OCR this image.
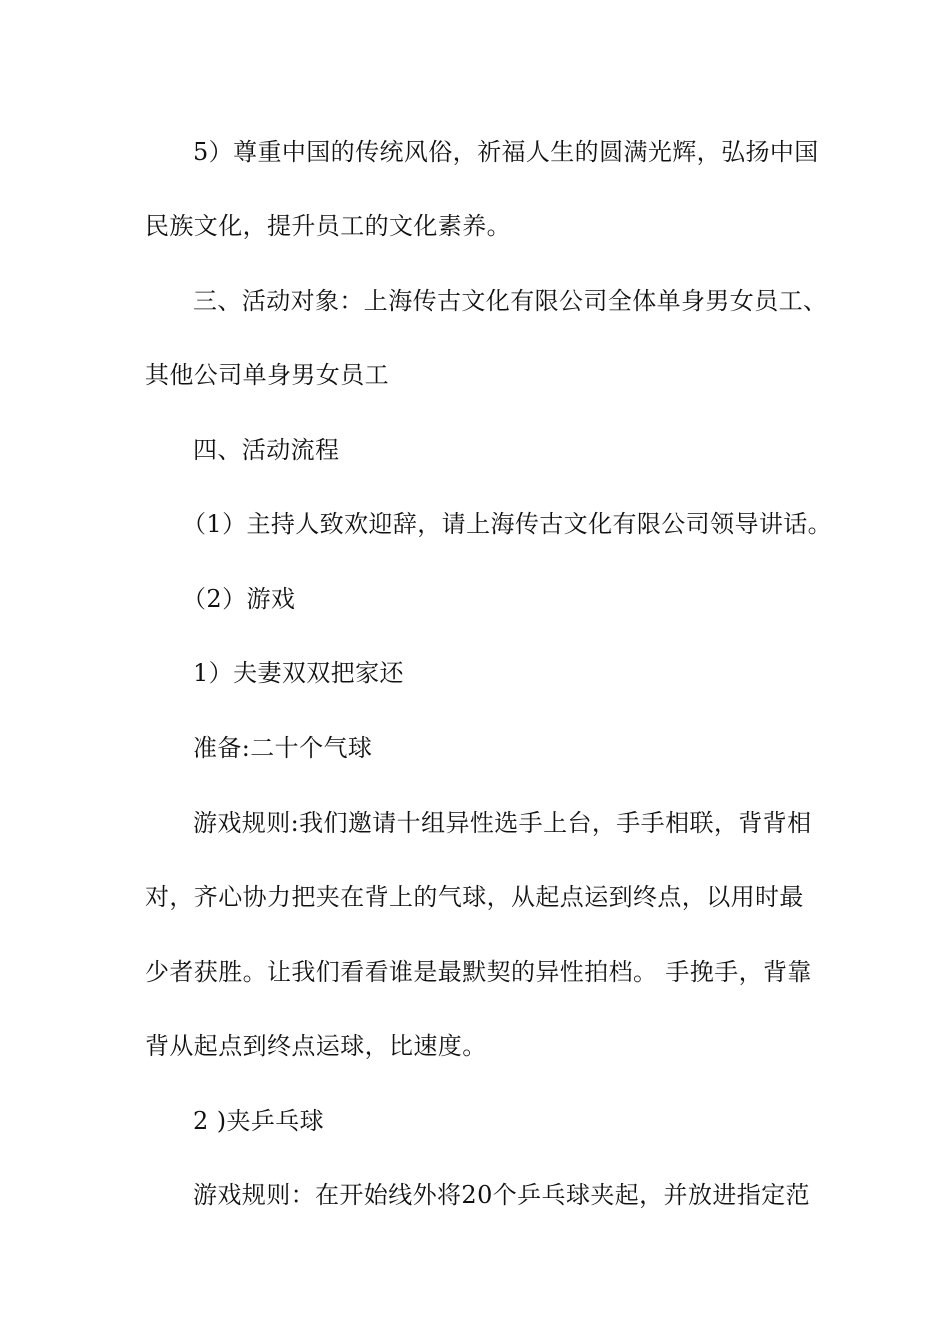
5）尊重中国的传统风俗，祈福人生的圆满光辉，弘扬中国
民族文化，提升员工的文化素养。
三、活动对象：上海传古文化有限公司全体单身男女员工、
其他公司单身男女员工
四、活动流程
（1）主持人致欢迎辞，请上海传古文化有限公司领导讲话。
（2）游戏
1）夫妻双双把家还
准备:二十个气球
游戏规则:我们邀请十组异性选手上台，手手相联，背背相
对，齐心协力把夹在背上的气球，从起点运到终点，以用时最
少者获胜。让我们看看谁是最默契的异性拍档。 手挽手，背靠
背从起点到终点运球，比速度。
2 )夹乒乓球
游戏规则：在开始线外将20个乒乓球夹起，并放进指定范
